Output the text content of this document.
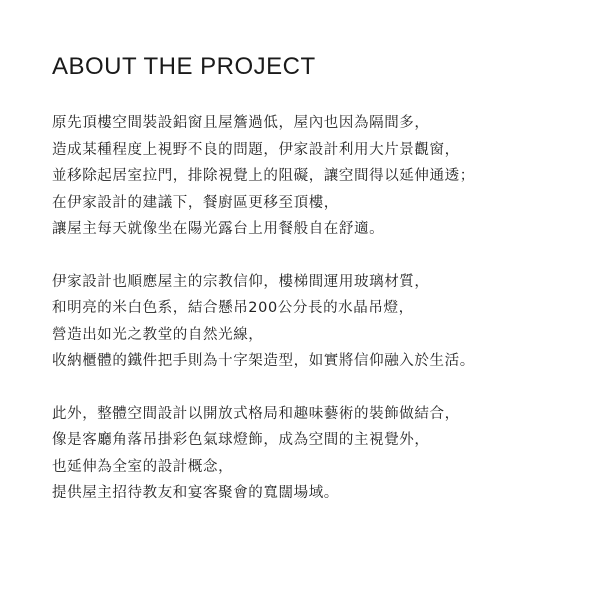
ABOUT THE PROJECT
原先頂樓空間裝設鋁窗且屋簷過低，屋內也因為隔間多，
造成某種程度上視野不良的問題，伊家設計利用大片景觀窗，
並移除起居室拉門，排除視覺上的阻礙，讓空間得以延伸通透；
在伊家設計的建議下，餐廚區更移至頂樓，
讓屋主每天就像坐在陽光露台上用餐般自在舒適。
伊家設計也順應屋主的宗教信仰，樓梯間運用玻璃材質，
和明亮的米白色系，結合懸吊200公分長的水晶吊燈，
營造出如光之教堂的自然光線，
收納櫃體的鐵件把手則為十字架造型，如實將信仰融入於生活。
此外，整體空間設計以開放式格局和趣味藝術的裝飾做結合，
像是客廳角落吊掛彩色氣球燈飾，成為空間的主視覺外，
也延伸為全室的設計概念，
提供屋主招待教友和宴客聚會的寬闊場域。
